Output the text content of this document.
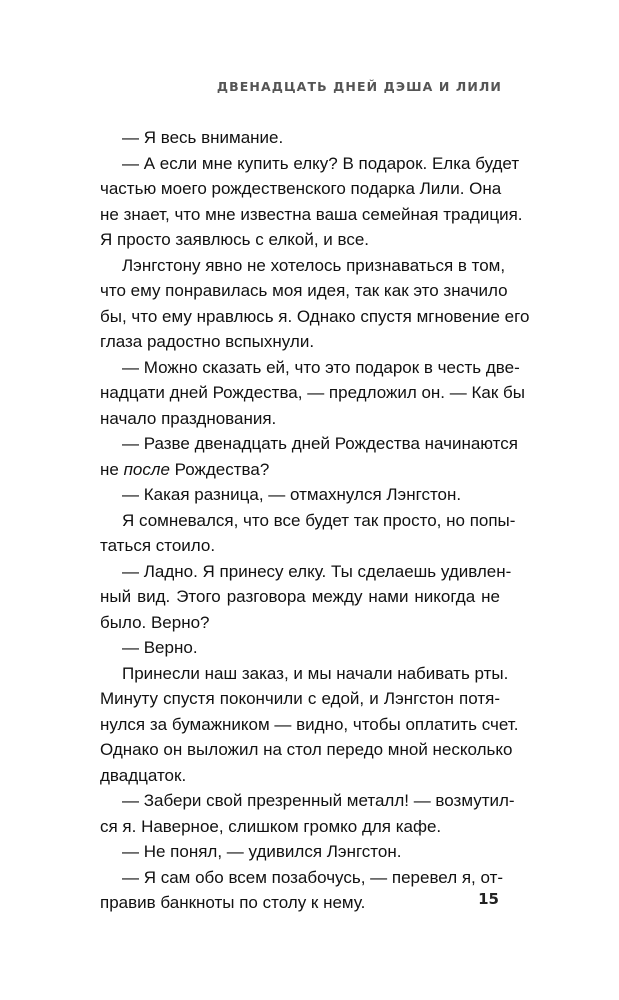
ДВЕНАДЦАТЬ ДНЕЙ ДЭША И ЛИЛИ
— Я весь внимание.
— А если мне купить елку? В подарок. Елка будет
частью моего рождественского подарка Лили. Она
не знает, что мне известна ваша семейная традиция.
Я просто заявлюсь с елкой, и все.
Лэнгстону явно не хотелось признаваться в том,
что ему понравилась моя идея, так как это значило
бы, что ему нравлюсь я. Однако спустя мгновение его
глаза радостно вспыхнули.
— Можно сказать ей, что это подарок в честь две-
надцати дней Рождества, — предложил он. — Как бы
начало празднования.
— Разве двенадцать дней Рождества начинаются
не после Рождества?
— Какая разница, — отмахнулся Лэнгстон.
Я сомневался, что все будет так просто, но попы-
таться стоило.
— Ладно. Я принесу елку. Ты сделаешь удивлен-
ный вид. Этого разговора между нами никогда не
было. Верно?
— Верно.
Принесли наш заказ, и мы начали набивать рты.
Минуту спустя покончили с едой, и Лэнгстон потя-
нулся за бумажником — видно, чтобы оплатить счет.
Однако он выложил на стол передо мной несколько
двадцаток.
— Забери свой презренный металл! — возмутил-
ся я. Наверное, слишком громко для кафе.
— Не понял, — удивился Лэнгстон.
— Я сам обо всем позабочусь, — перевел я, от-
правив банкноты по столу к нему.	15
